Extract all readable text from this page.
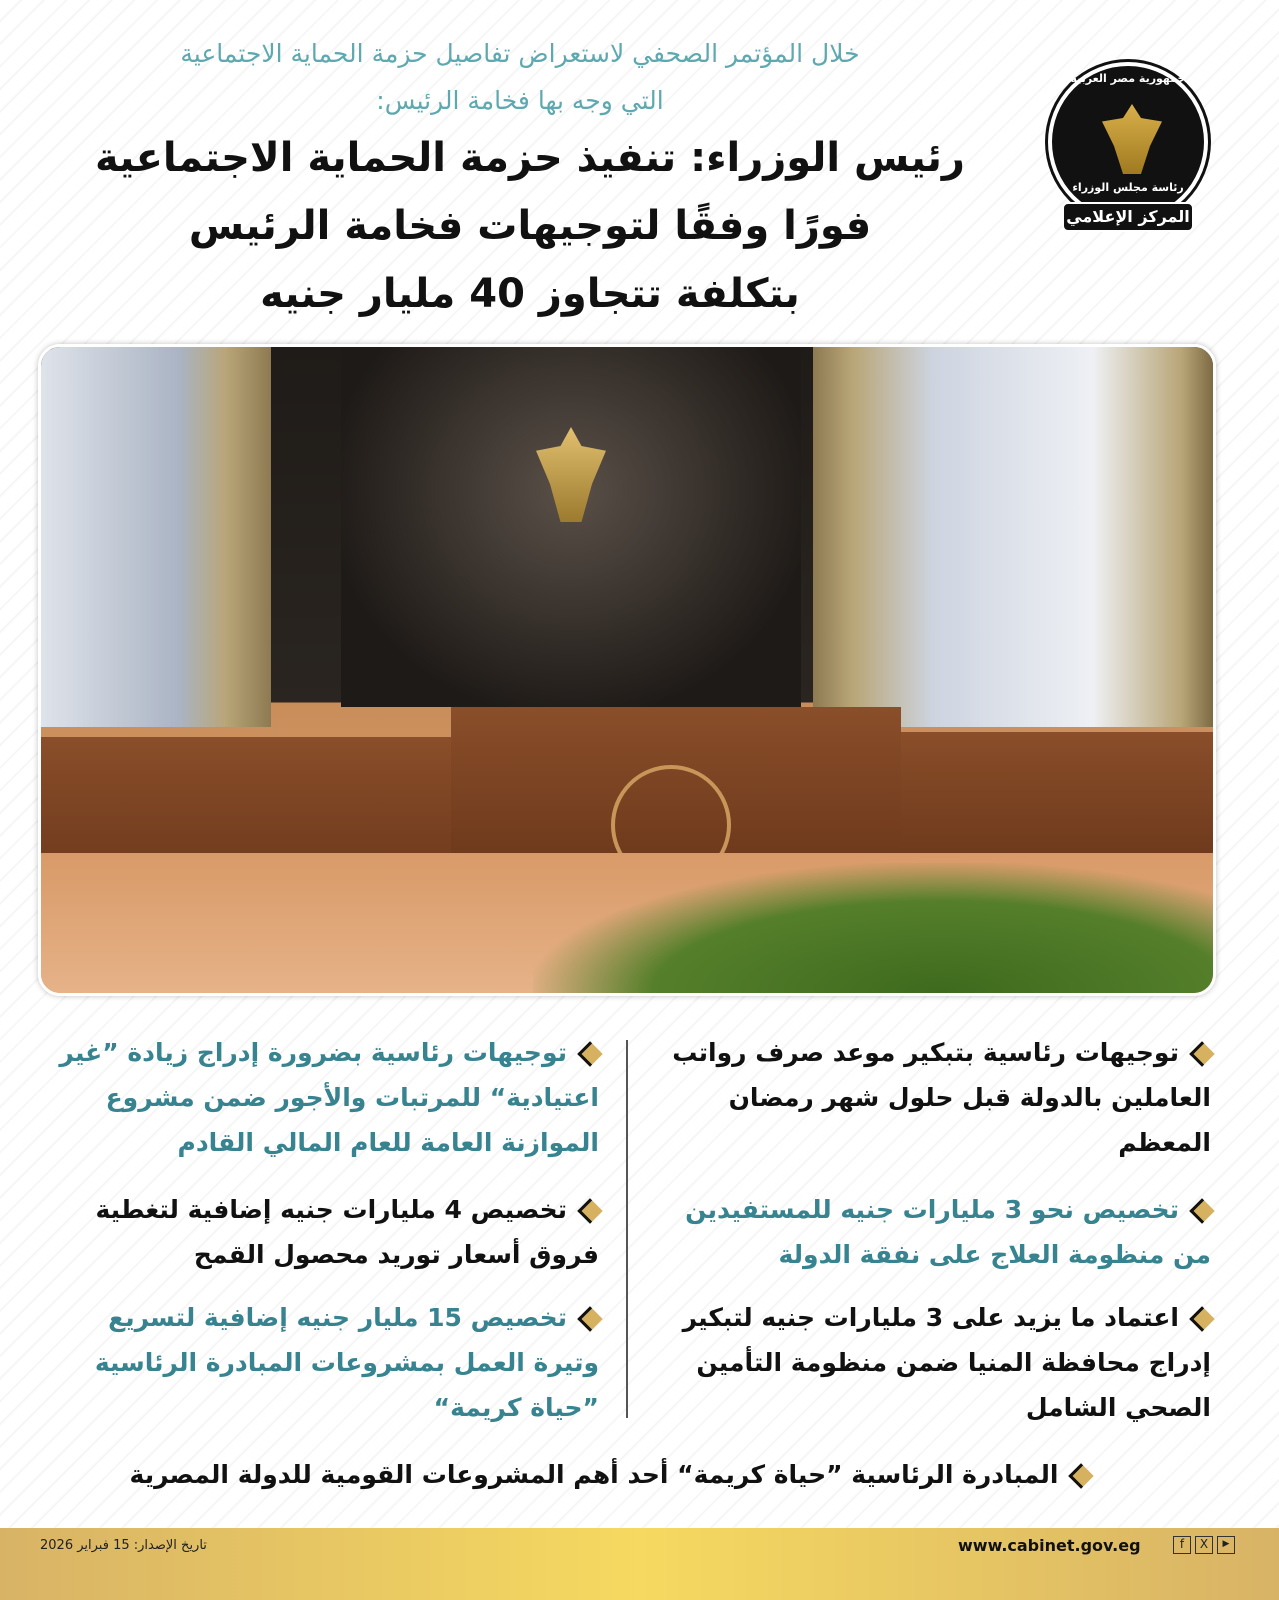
خلال المؤتمر الصحفي لاستعراض تفاصيل حزمة الحماية الاجتماعية
التي وجه بها فخامة الرئيس:
رئيس الوزراء: تنفيذ حزمة الحماية الاجتماعية
فورًا وفقًا لتوجيهات فخامة الرئيس
بتكلفة تتجاوز 40 مليار جنيه
جمهورية مصر العربية
رئاسة مجلس الوزراء
المركز الإعلامي
توجيهات رئاسية بتبكير موعد صرف رواتب العاملين بالدولة قبل حلول شهر رمضان المعظم
تخصيص نحو 3 مليارات جنيه للمستفيدين من منظومة العلاج على نفقة الدولة
اعتماد ما يزيد على 3 مليارات جنيه لتبكير إدراج محافظة المنيا ضمن منظومة التأمين الصحي الشامل
توجيهات رئاسية بضرورة إدراج زيادة ”غير اعتيادية“ للمرتبات والأجور ضمن مشروع الموازنة العامة للعام المالي القادم
تخصيص 4 مليارات جنيه إضافية لتغطية فروق أسعار توريد محصول القمح
تخصيص 15 مليار جنيه إضافية لتسريع وتيرة العمل بمشروعات المبادرة الرئاسية ”حياة كريمة“
المبادرة الرئاسية ”حياة كريمة“ أحد أهم المشروعات القومية للدولة المصرية
www.cabinet.gov.eg
تاريخ الإصدار: 15 فبراير 2026	f	X	▶
